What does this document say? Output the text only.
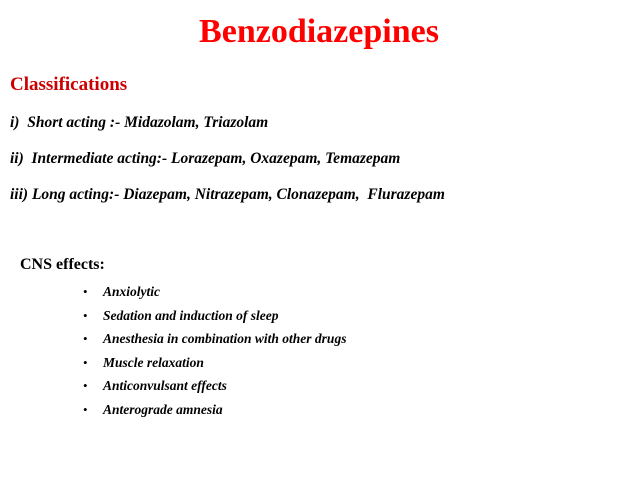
Benzodiazepines
Classifications
i)  Short acting :- Midazolam, Triazolam
ii)  Intermediate acting:- Lorazepam, Oxazepam, Temazepam
iii) Long acting:- Diazepam, Nitrazepam, Clonazepam,  Flurazepam
CNS effects:
• Anxiolytic
• Sedation and induction of sleep
• Anesthesia in combination with other drugs
• Muscle relaxation
• Anticonvulsant effects
• Anterograde amnesia
